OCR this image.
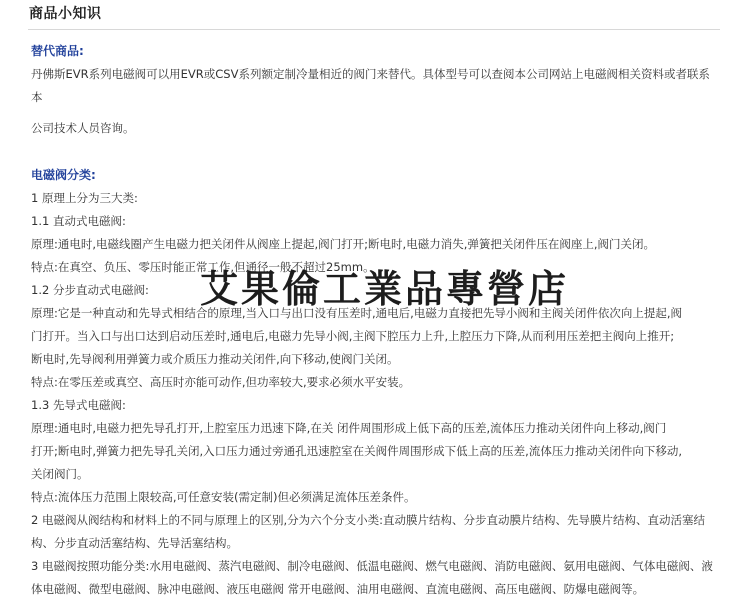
商品小知识

替代商品:

丹佛斯EVR系列电磁阀可以用EVR或CSV系列额定制冷量相近的阀门来替代。具体型号可以查阅本公司网站上电磁阀相关资料或者联系本

公司技术人员咨询。

电磁阀分类:

1 原理上分为三大类:

1.1 直动式电磁阀:

原理:通电时,电磁线圈产生电磁力把关闭件从阀座上提起,阀门打开;断电时,电磁力消失,弹簧把关闭件压在阀座上,阀门关闭。

特点:在真空、负压、零压时能正常工作,但通径一般不超过25mm。

1.2 分步直动式电磁阀:

原理:它是一种直动和先导式相结合的原理,当入口与出口没有压差时,通电后,电磁力直接把先导小阀和主阀关闭件依次向上提起,阀

门打开。当入口与出口达到启动压差时,通电后,电磁力先导小阀,主阀下腔压力上升,上腔压力下降,从而利用压差把主阀向上推开;

断电时,先导阀利用弹簧力或介质压力推动关闭件,向下移动,使阀门关闭。

特点:在零压差或真空、高压时亦能可动作,但功率较大,要求必须水平安装。

1.3 先导式电磁阀:

原理:通电时,电磁力把先导孔打开,上腔室压力迅速下降,在关 闭件周围形成上低下高的压差,流体压力推动关闭件向上移动,阀门

打开;断电时,弹簧力把先导孔关闭,入口压力通过旁通孔迅速腔室在关阀件周围形成下低上高的压差,流体压力推动关闭件向下移动,

关闭阀门。

特点:流体压力范围上限较高,可任意安装(需定制)但必须满足流体压差条件。

2 电磁阀从阀结构和材料上的不同与原理上的区别,分为六个分支小类:直动膜片结构、分步直动膜片结构、先导膜片结构、直动活塞结

构、分步直动活塞结构、先导活塞结构。

3 电磁阀按照功能分类:水用电磁阀、蒸汽电磁阀、制冷电磁阀、低温电磁阀、燃气电磁阀、消防电磁阀、氨用电磁阀、气体电磁阀、液

体电磁阀、微型电磁阀、脉冲电磁阀、液压电磁阀 常开电磁阀、油用电磁阀、直流电磁阀、高压电磁阀、防爆电磁阀等。

艾果倫工業品專營店
